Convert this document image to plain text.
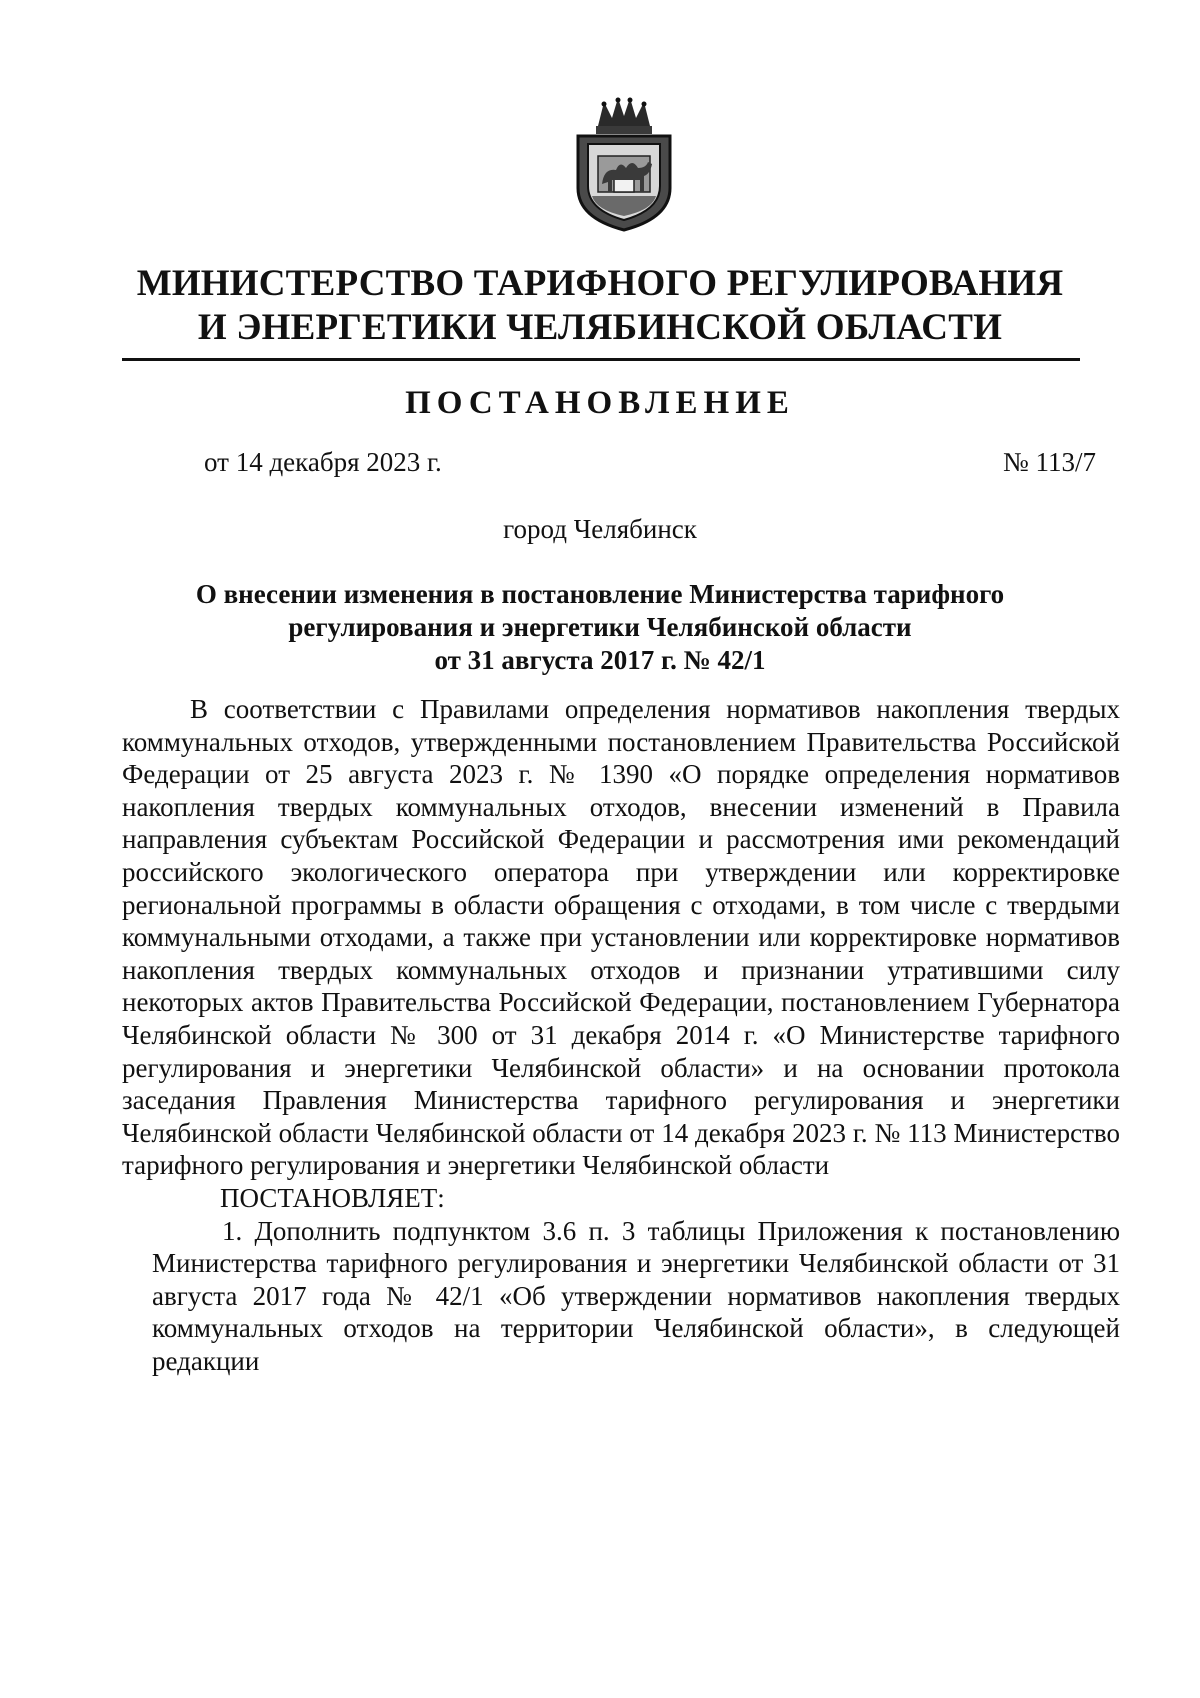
МИНИСТЕРСТВО ТАРИФНОГО РЕГУЛИРОВАНИЯ
И ЭНЕРГЕТИКИ ЧЕЛЯБИНСКОЙ ОБЛАСТИ
ПОСТАНОВЛЕНИЕ
от 14 декабря 2023 г.	№ 113/7
город Челябинск
О внесении изменения в постановление Министерства тарифного
регулирования и энергетики Челябинской области
от 31 августа 2017 г. № 42/1

В соответствии с Правилами определения нормативов накопления твердых коммунальных отходов, утвержденными постановлением Правительства Российской Федерации от 25 августа 2023 г. № 1390 «О порядке определения нормативов накопления твердых коммунальных отходов, внесении изменений в Правила направления субъектам Российской Федерации и рассмотрения ими рекомендаций российского экологического оператора при утверждении или корректировке региональной программы в области обращения с отходами, в том числе с твердыми коммунальными отходами, а также при установлении или корректировке нормативов накопления твердых коммунальных отходов и признании утратившими силу некоторых актов Правительства Российской Федерации, постановлением Губернатора Челябинской области № 300 от 31 декабря 2014 г. «О Министерстве тарифного регулирования и энергетики Челябинской области» и на основании протокола заседания Правления Министерства тарифного регулирования и энергетики Челябинской области Челябинской области от 14 декабря 2023 г. № 113 Министерство тарифного регулирования и энергетики Челябинской области

ПОСТАНОВЛЯЕТ:

1. Дополнить подпунктом 3.6 п. 3 таблицы Приложения к постановлению Министерства тарифного регулирования и энергетики Челябинской области от 31 августа 2017 года № 42/1 «Об утверждении нормативов накопления твердых коммунальных отходов на территории Челябинской области», в следующей редакции
